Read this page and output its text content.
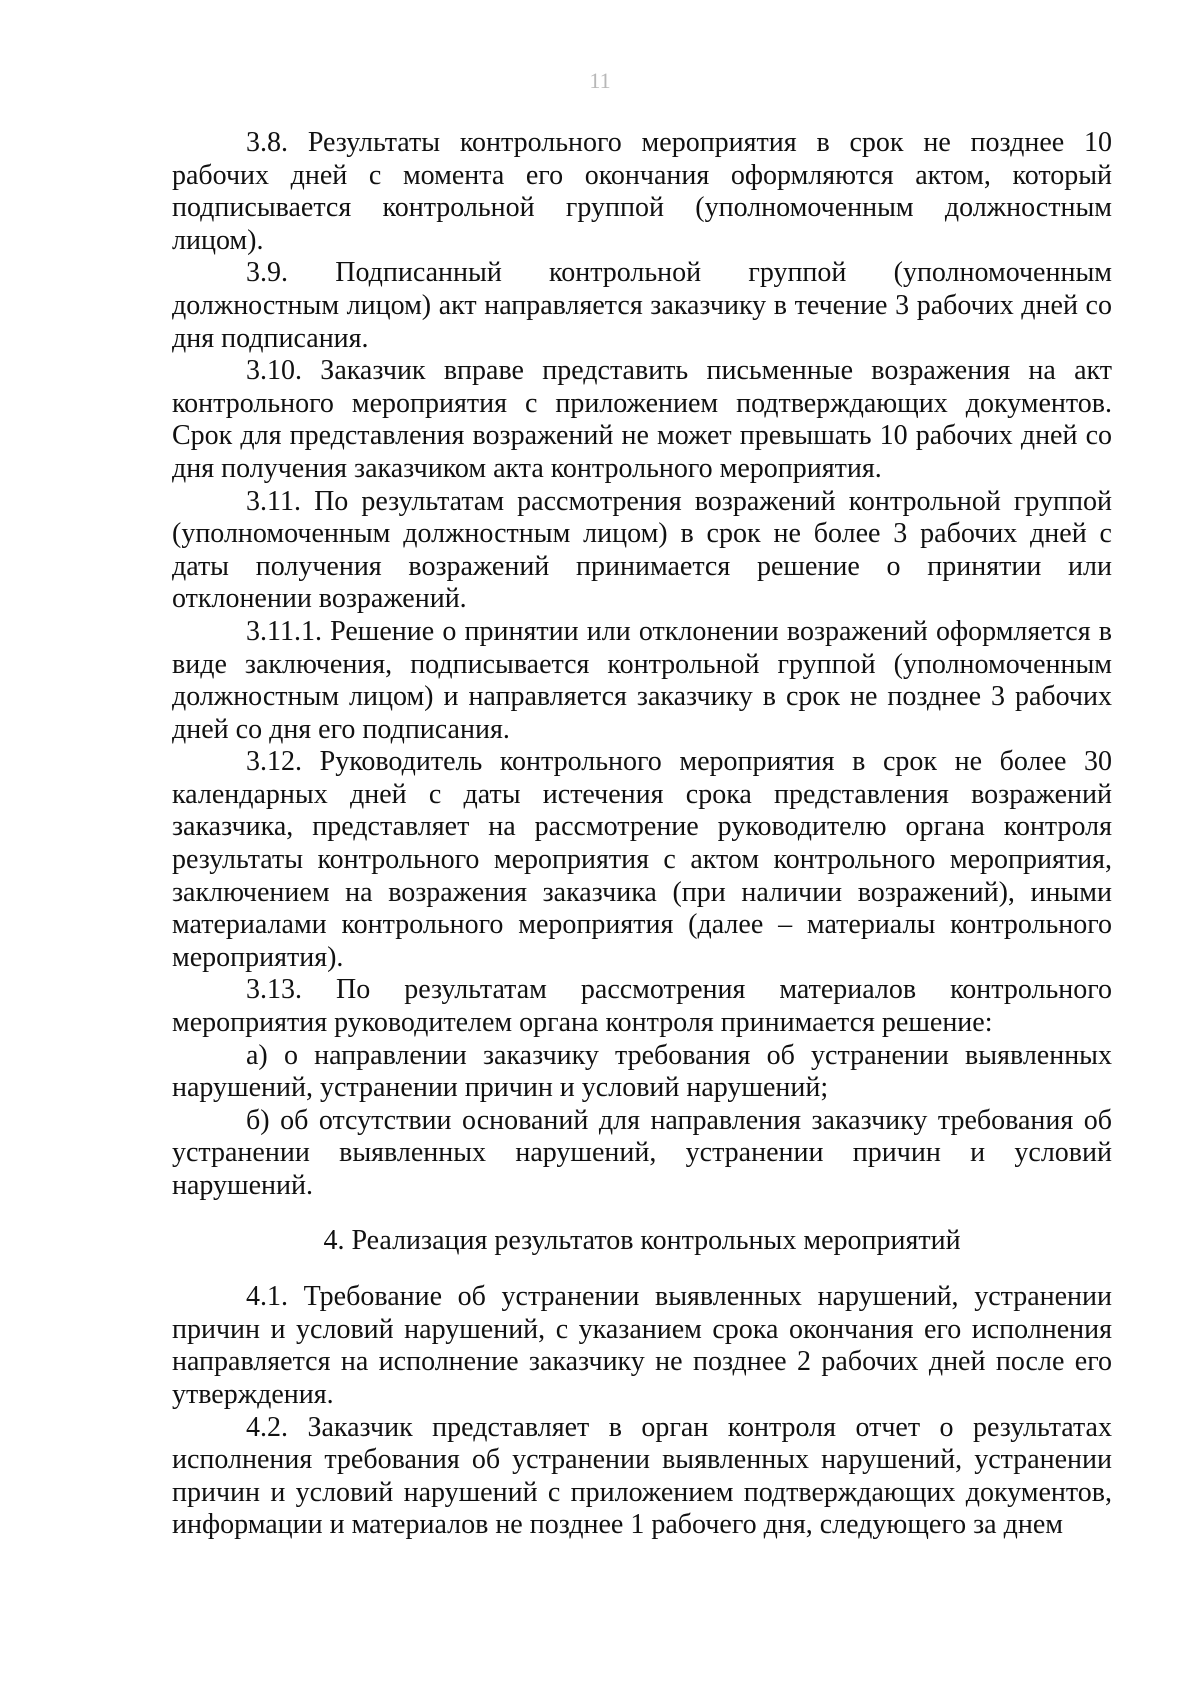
11

3.8. Результаты контрольного мероприятия в срок не позднее 10 рабочих дней с момента его окончания оформляются актом, который подписывается контрольной группой (уполномоченным должностным лицом).

3.9. Подписанный контрольной группой (уполномоченным должностным лицом) акт направляется заказчику в течение 3 рабочих дней со дня подписания.

3.10. Заказчик вправе представить письменные возражения на акт контрольного мероприятия с приложением подтверждающих документов. Срок для представления возражений не может превышать 10 рабочих дней со дня получения заказчиком акта контрольного мероприятия.

3.11. По результатам рассмотрения возражений контрольной группой (уполномоченным должностным лицом) в срок не более 3 рабочих дней с даты получения возражений принимается решение о принятии или отклонении возражений.

3.11.1. Решение о принятии или отклонении возражений оформляется в виде заключения, подписывается контрольной группой (уполномоченным должностным лицом) и направляется заказчику в срок не позднее 3 рабочих дней со дня его подписания.

3.12. Руководитель контрольного мероприятия в срок не более 30 календарных дней с даты истечения срока представления возражений заказчика, представляет на рассмотрение руководителю органа контроля результаты контрольного мероприятия с актом контрольного мероприятия, заключением на возражения заказчика (при наличии возражений), иными материалами контрольного мероприятия (далее – материалы контрольного мероприятия).

3.13. По результатам рассмотрения материалов контрольного мероприятия руководителем органа контроля принимается решение:

а) о направлении заказчику требования об устранении выявленных нарушений, устранении причин и условий нарушений;

б) об отсутствии оснований для направления заказчику требования об устранении выявленных нарушений, устранении причин и условий нарушений.

4. Реализация результатов контрольных мероприятий

4.1. Требование об устранении выявленных нарушений, устранении причин и условий нарушений, с указанием срока окончания его исполнения направляется на исполнение заказчику не позднее 2 рабочих дней после его утверждения.

4.2. Заказчик представляет в орган контроля отчет о результатах исполнения требования об устранении выявленных нарушений, устранении причин и условий нарушений с приложением подтверждающих документов, информации и материалов не позднее 1 рабочего дня, следующего за днем
